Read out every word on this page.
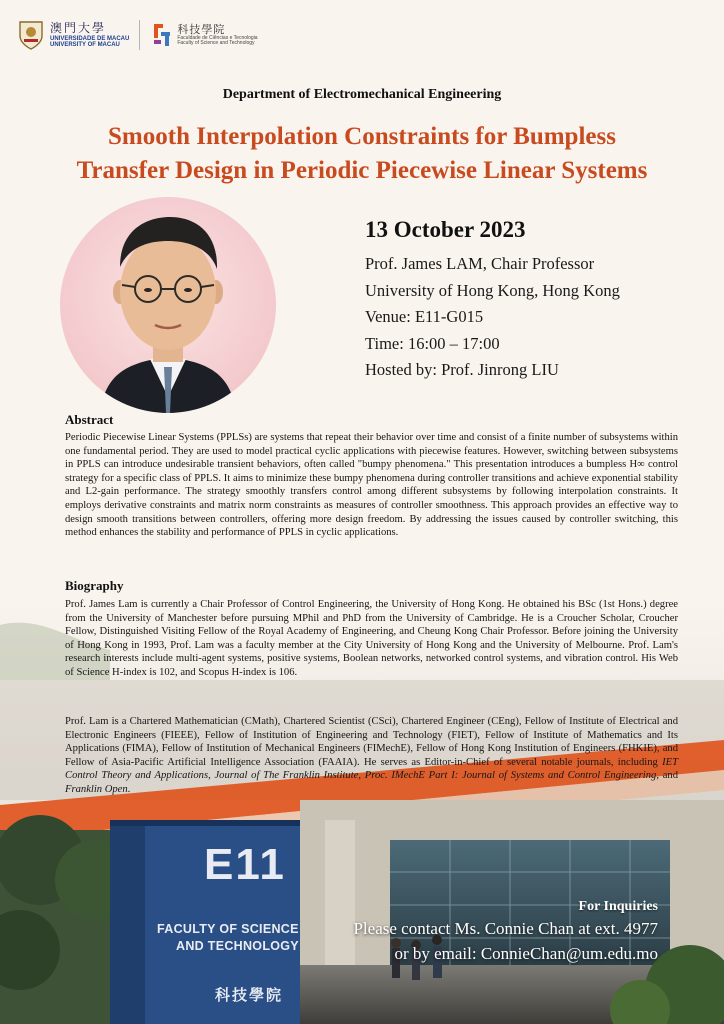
澳門大學
UNIVERSIDADE DE MACAU
UNIVERSITY OF MACAU
科技學院
Faculdade de Ciências e Tecnologia
Faculty of Science and Technology
Department of Electromechanical Engineering
Smooth Interpolation Constraints for Bumpless
Transfer Design in Periodic Piecewise Linear Systems
13 October 2023
Prof. James LAM, Chair Professor
University of Hong Kong, Hong Kong
Venue: E11-G015
Time: 16:00 – 17:00
Hosted by: Prof. Jinrong LIU
Abstract

Periodic Piecewise Linear Systems (PPLSs) are systems that repeat their behavior over time and consist of a finite number of subsystems within one fundamental period. They are used to model practical cyclic applications with piecewise features. However, switching between subsystems in PPLS can introduce undesirable transient behaviors, often called "bumpy phenomena." This presentation introduces a bumpless H∞ control strategy for a specific class of PPLS. It aims to minimize these bumpy phenomena during controller transitions and achieve exponential stability and L2-gain performance. The strategy smoothly transfers control among different subsystems by following interpolation constraints. It employs derivative constraints and matrix norm constraints as measures of controller smoothness. This approach provides an effective way to design smooth transitions between controllers, offering more design freedom. By addressing the issues caused by controller switching, this method enhances the stability and performance of PPLS in cyclic applications.

Biography

Prof. James Lam is currently a Chair Professor of Control Engineering, the University of Hong Kong. He obtained his BSc (1st Hons.) degree from the University of Manchester before pursuing MPhil and PhD from the University of Cambridge. He is a Croucher Scholar, Croucher Fellow, Distinguished Visiting Fellow of the Royal Academy of Engineering, and Cheung Kong Chair Professor. Before joining the University of Hong Kong in 1993, Prof. Lam was a faculty member at the City University of Hong Kong and the University of Melbourne. Prof. Lam's research interests include multi-agent systems, positive systems, Boolean networks, networked control systems, and vibration control. His Web of Science H-index is 102, and Scopus H-index is 106.

Prof. Lam is a Chartered Mathematician (CMath), Chartered Scientist (CSci), Chartered Engineer (CEng), Fellow of Institute of Electrical and Electronic Engineers (FIEEE), Fellow of Institution of Engineering and Technology (FIET), Fellow of Institute of Mathematics and Its Applications (FIMA), Fellow of Institution of Mechanical Engineers (FIMechE), Fellow of Hong Kong Institution of Engineers (FHKIE), and Fellow of Asia-Pacific Artificial Intelligence Association (FAAIA). He serves as Editor-in-Chief of several notable journals, including IET Control Theory and Applications, Journal of The Franklin Institute, Proc. IMechE Part I: Journal of Systems and Control Engineering, and Franklin Open.

E11
FACULTY OF SCIENCE
AND TECHNOLOGY
科技學院
For Inquiries
Please contact Ms. Connie Chan at ext. 4977
or by email: ConnieChan@um.edu.mo
